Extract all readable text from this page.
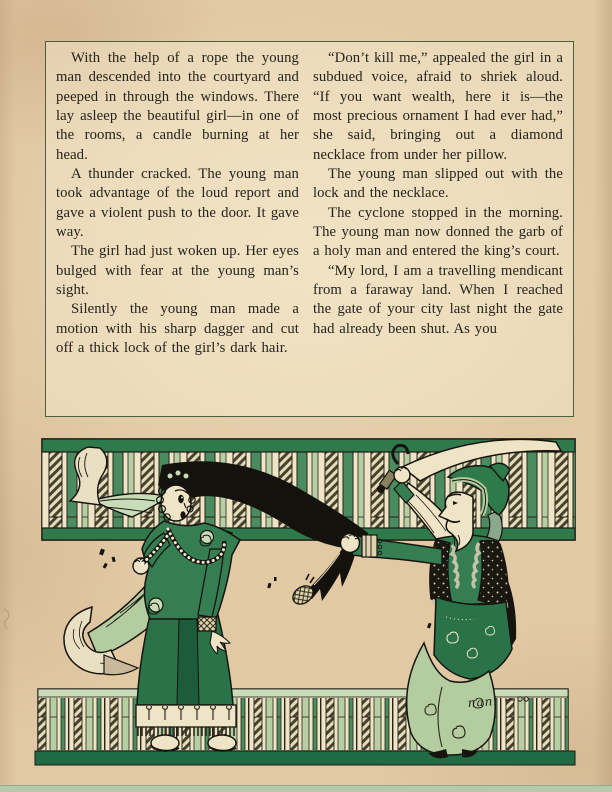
With the help of a rope the young man descended into the courtyard and peeped in through the windows. There lay asleep the beautiful girl—in one of the rooms, a candle burning at her head.

A thunder cracked. The young man took advantage of the loud report and gave a violent push to the door. It gave way.

The girl had just woken up. Her eyes bulged with fear at the young man’s sight.

Silently the young man made a motion with his sharp dagger and cut off a thick lock of the girl’s dark hair.

“Don’t kill me,” appealed the girl in a subdued voice, afraid to shriek aloud. “If you want wealth, here it is—the most precious ornament I had ever had,” she said, bringing out a diamond necklace from under her pillow.

The young man slipped out with the lock and the necklace.

The cyclone stopped in the morning. The young man now donned the garb of a holy man and entered the king’s court.

“My lord, I am a travelling mendicant from a faraway land. When I reached the gate of your city last night the gate had already been shut. As you

nani
